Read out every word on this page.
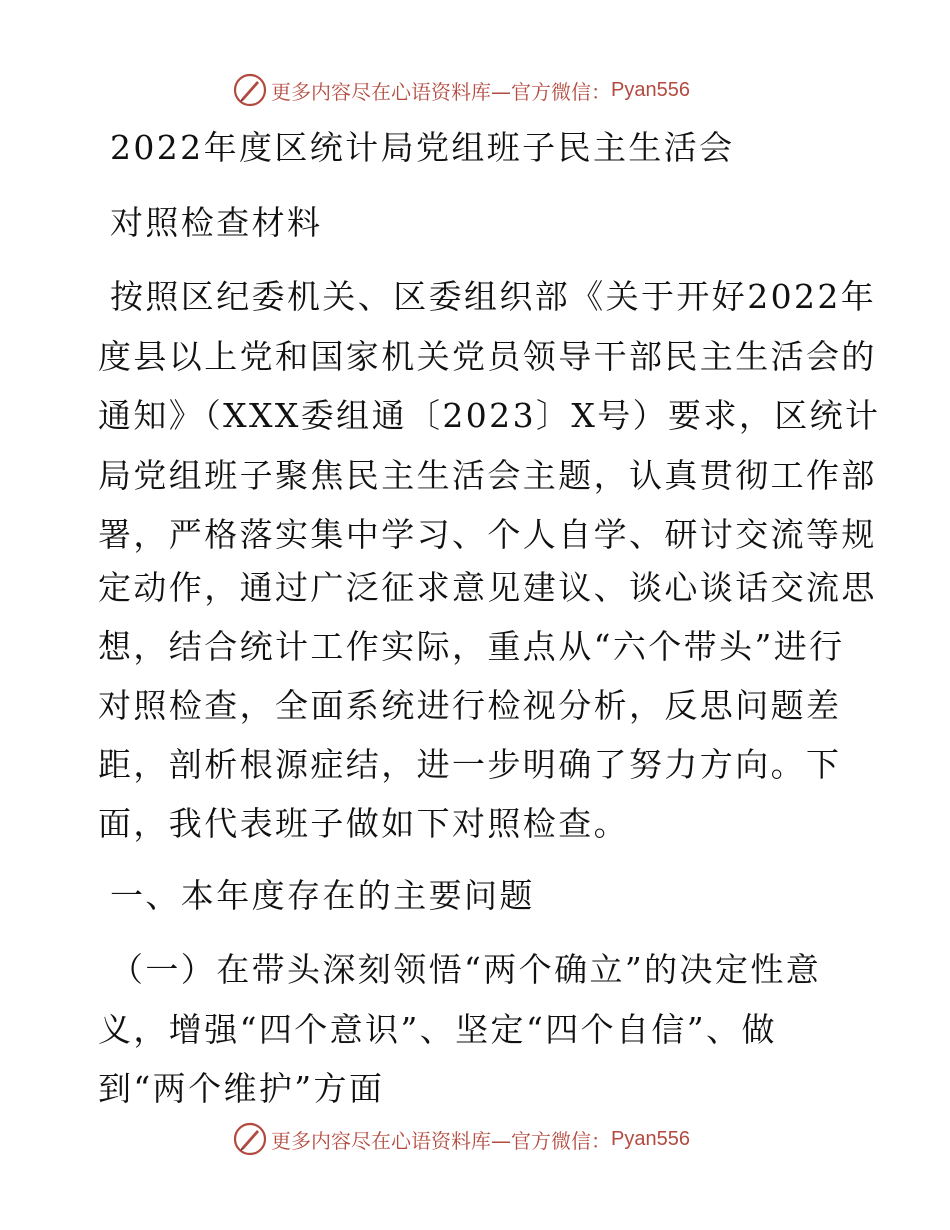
更多内容尽在心语资料库—官方微信： Pyan556
2022年度区统计局党组班子民主生活会
对照检查材料
按照区纪委机关、区委组织部《关于开好2022年
度县以上党和国家机关党员领导干部民主生活会的
通知》（XXX委组通〔2023〕X号）要求，区统计
局党组班子聚焦民主生活会主题，认真贯彻工作部
署，严格落实集中学习、个人自学、研讨交流等规
定动作，通过广泛征求意见建议、谈心谈话交流思
想，结合统计工作实际，重点从“六个带头”进行
对照检查，全面系统进行检视分析，反思问题差
距，剖析根源症结，进一步明确了努力方向。下
面，我代表班子做如下对照检查。
一、本年度存在的主要问题
（一）在带头深刻领悟“两个确立”的决定性意
义，增强“四个意识”、坚定“四个自信”、做
到“两个维护”方面
更多内容尽在心语资料库—官方微信： Pyan556
